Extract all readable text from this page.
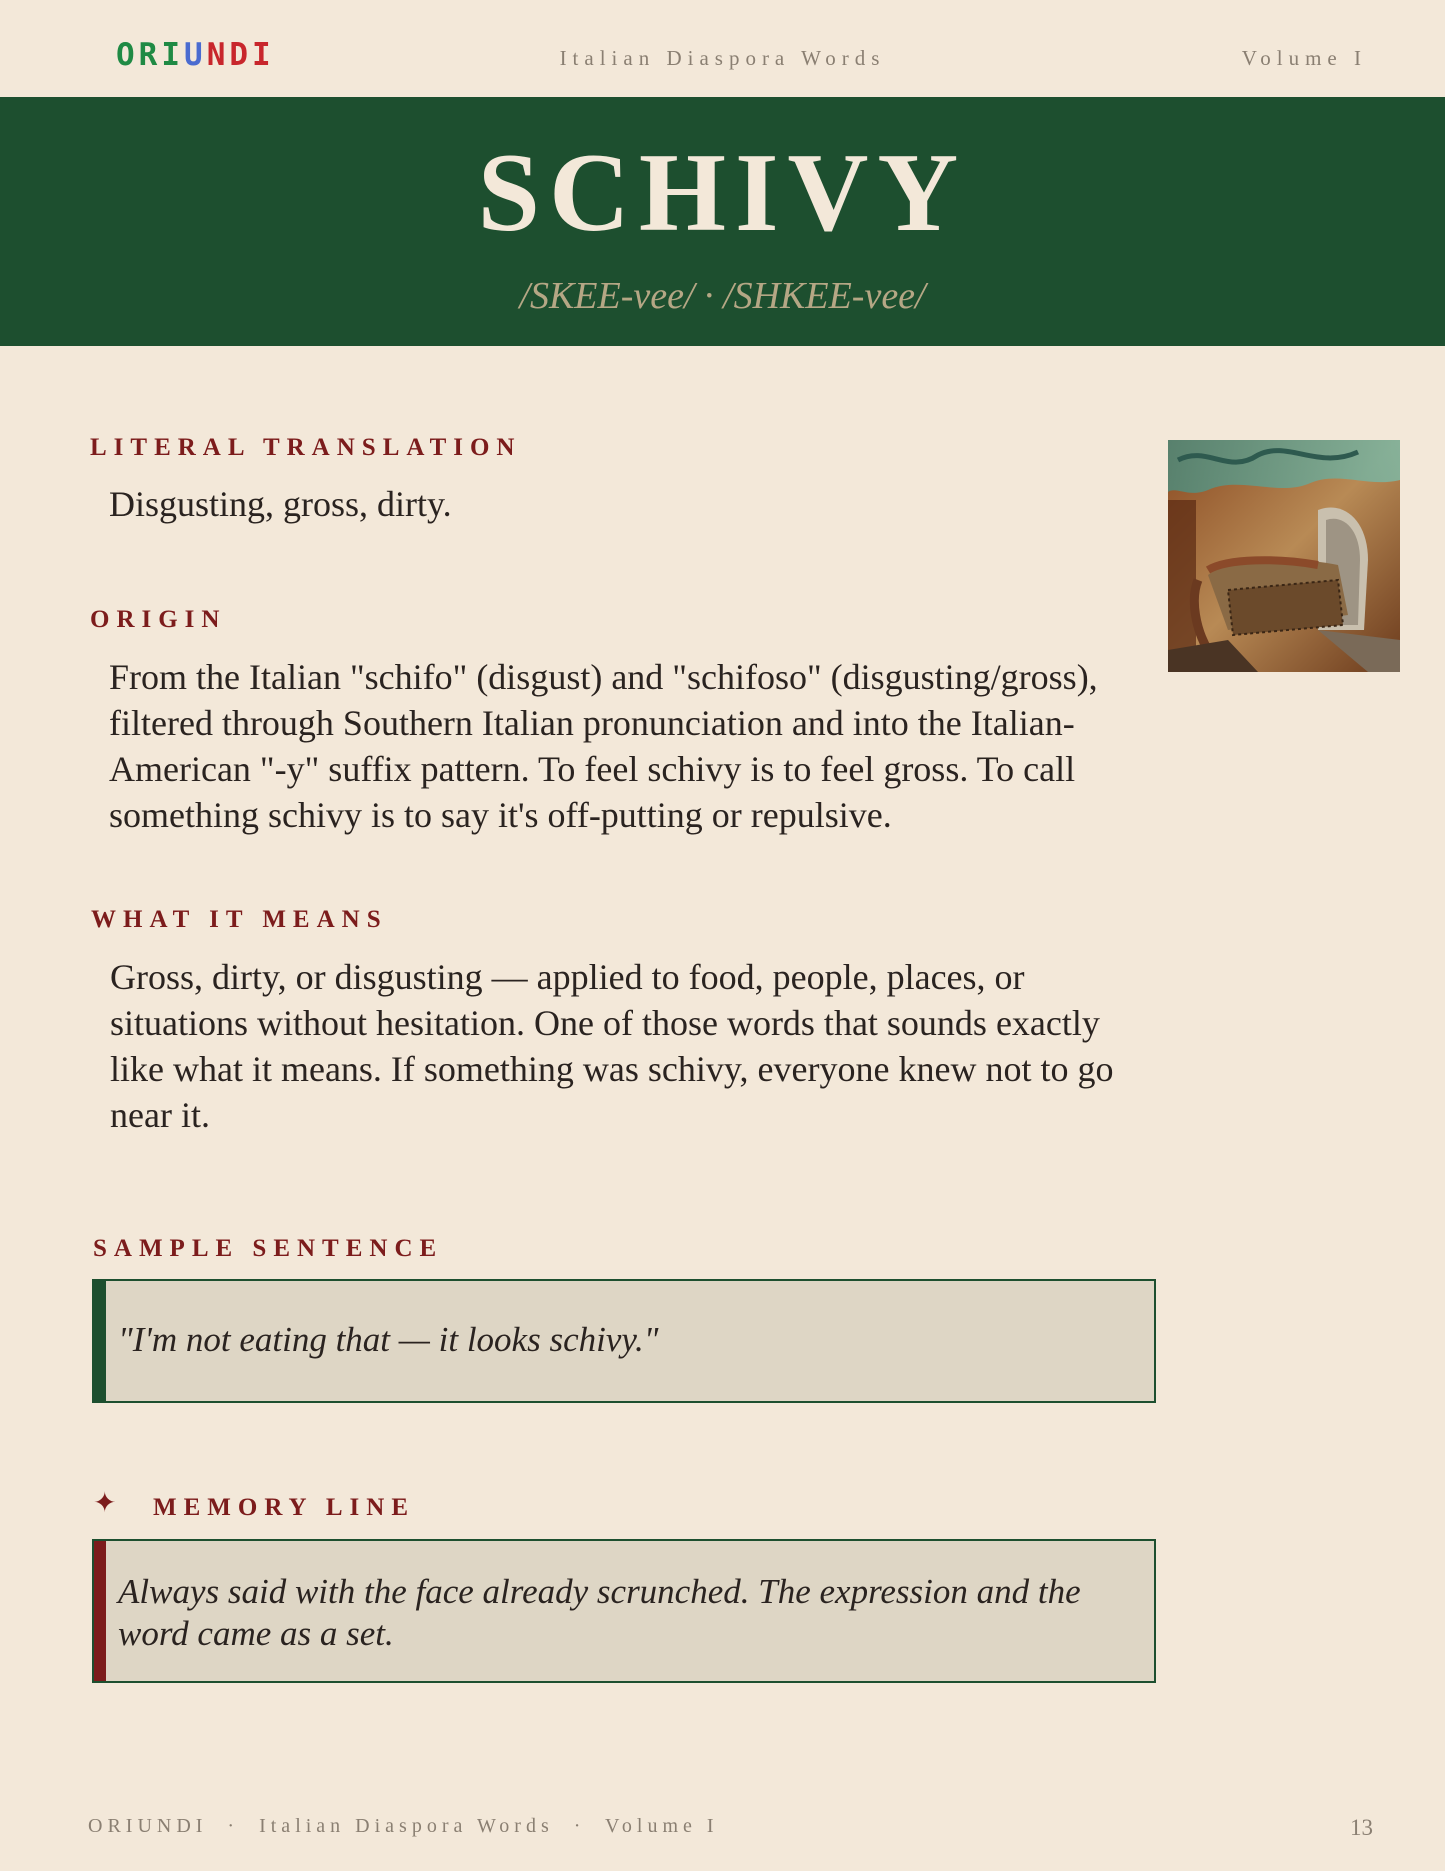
ORIUNDI	Italian Diaspora Words	Volume I
SCHIVY
/SKEE-vee/ · /SHKEE-vee/
LITERAL TRANSLATION
Disgusting, gross, dirty.
ORIGIN
From the Italian "schifo" (disgust) and "schifoso" (disgusting/gross), filtered through Southern Italian pronunciation and into the Italian-American "-y" suffix pattern. To feel schivy is to feel gross. To call something schivy is to say it's off-putting or repulsive.
WHAT IT MEANS
Gross, dirty, or disgusting — applied to food, people, places, or situations without hesitation. One of those words that sounds exactly like what it means. If something was schivy, everyone knew not to go near it.
SAMPLE SENTENCE
"I'm not eating that — it looks schivy."
✦ MEMORY LINE
Always said with the face already scrunched. The expression and the word came as a set.
ORIUNDI  ·  Italian Diaspora Words  ·  Volume I	13
